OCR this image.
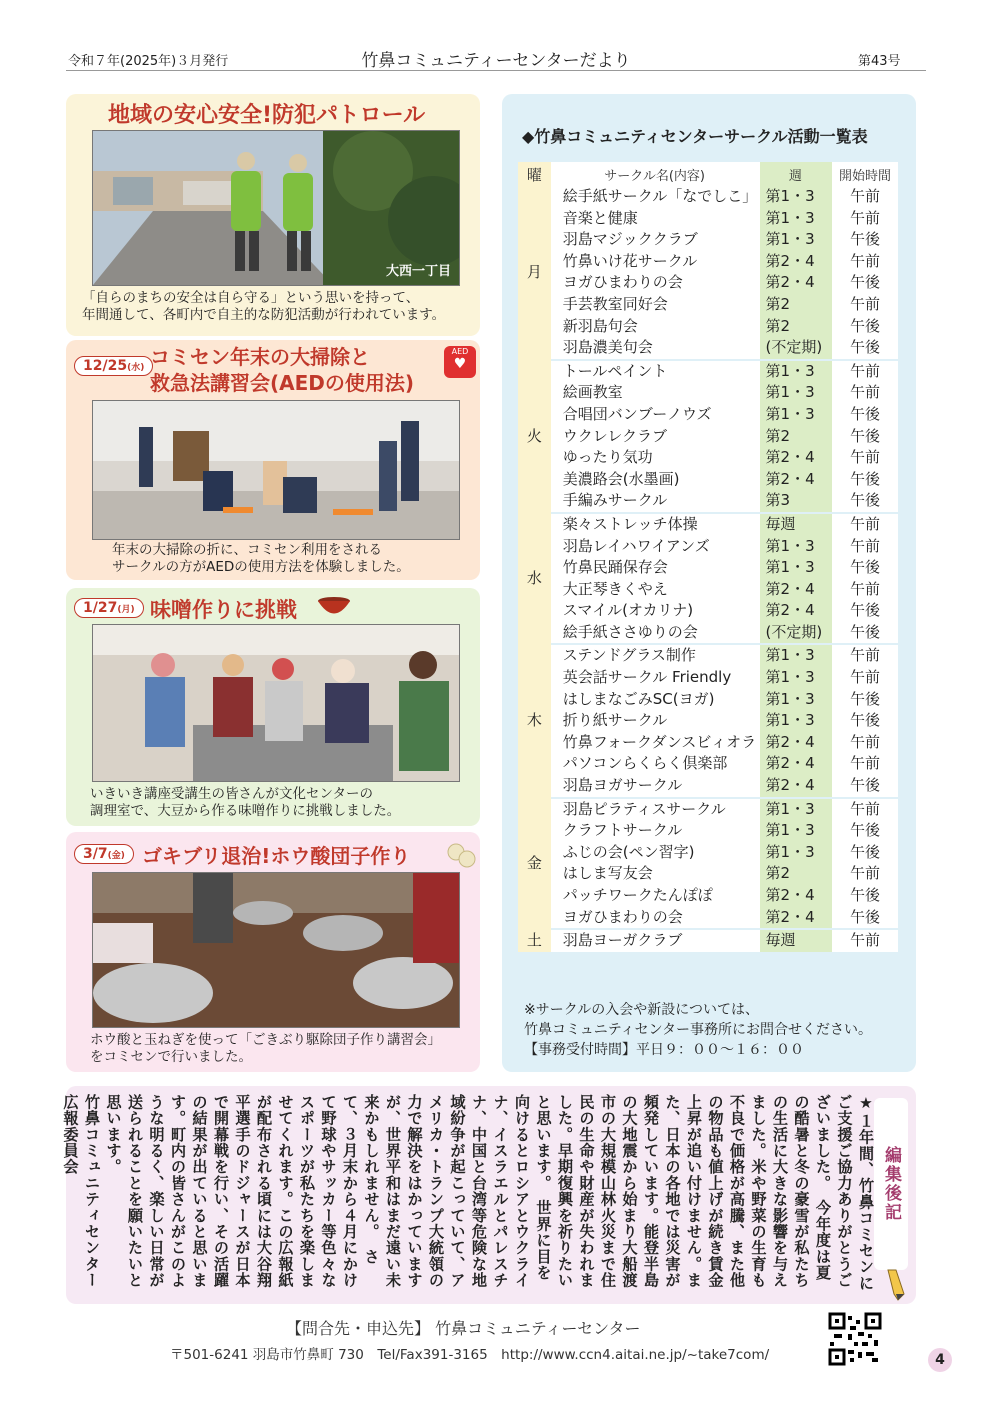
令和７年(2025年)３月発行	竹鼻コミュニティーセンターだより	第43号
地域の安心安全!防犯パトロール
大西一丁目
「自らのまちの安全は自ら守る」という思いを持って、
年間通して、各町内で自主的な防犯活動が行われています。
12/25(水) コミセン年末の大掃除と
救急法講習会(AEDの使用法)
AED
♥
年末の大掃除の折に、コミセン利用をされる
サークルの方がAEDの使用方法を体験しました。
1/27(月) 味噌作りに挑戦
いきいき講座受講生の皆さんが文化センターの
調理室で、大豆から作る味噌作りに挑戦しました。
3/7(金) ゴキブリ退治!ホウ酸団子作り
ホウ酸と玉ねぎを使って「ごきぶり駆除団子作り講習会」
をコミセンで行いました。
◆竹鼻コミュニティセンターサークル活動一覧表
曜	サークル名(内容)	週	開始時間
月	絵手紙サークル「なでしこ」	第1・3	午前
	音楽と健康	第1・3	午前
	羽島マジッククラブ	第1・3	午後
	竹鼻いけ花サークル	第2・4	午前
	ヨガひまわりの会	第2・4	午後
	手芸教室同好会	第2	午前
	新羽島句会	第2	午後
	羽島濃美句会	(不定期)	午後
火	トールペイント	第1・3	午前
	絵画教室	第1・3	午前
	合唱団バンブーノウズ	第1・3	午後
	ウクレレクラブ	第2	午後
	ゆったり気功	第2・4	午前
	美濃路会(水墨画)	第2・4	午後
	手編みサークル	第3	午後
水	楽々ストレッチ体操	毎週	午前
	羽島レイハワイアンズ	第1・3	午前
	竹鼻民踊保存会	第1・3	午後
	大正琴きくやえ	第2・4	午前
	スマイル(オカリナ)	第2・4	午後
	絵手紙ささゆりの会	(不定期)	午後
木	ステンドグラス制作	第1・3	午前
	英会話サークル Friendly	第1・3	午前
	はしまなごみSC(ヨガ)	第1・3	午後
	折り紙サークル	第1・3	午後
	竹鼻フォークダンスビィオラ	第2・4	午前
	パソコンらくらく倶楽部	第2・4	午前
	羽島ヨガサークル	第2・4	午後
金	羽島ピラティスサークル	第1・3	午前
	クラフトサークル	第1・3	午後
	ふじの会(ペン習字)	第1・3	午後
	はしま写友会	第2	午前
	パッチワークたんぽぽ	第2・4	午後
	ヨガひまわりの会	第2・4	午後
土	羽島ヨーガクラブ	毎週	午前
※サークルの入会や新設については、
竹鼻コミュニティセンター事務所にお問合せください。
【事務受付時間】平日９：００～１６：００
編集後記
★１年間、竹鼻コミセンにご支援ご協力ありがとうございました。　今年度は夏の酷暑と冬の豪雪が私たちの生活に大きな影響を与えました。米や野菜の生育も不良で価格が高騰、また他の物品も値上げが続き賃金上昇が追い付けません。また、日本の各地では災害が頻発しています。能登半島の大地震から始まり大船渡市の大規模山林火災まで住民の生命や財産が失われました。早期復興を祈りたいと思います。　世界に目を向けるとロシアとウクライナ、イスラエルとパレスチナ、中国と台湾等危険な地域紛争が起こっていて、アメリカ・トランプ大統領の力で解決をはかっていますが、世界平和はまだ遠い未来かもしれません。　さて、３月末から４月にかけて野球やサッカー等色々なスポーツが私たちを楽しませてくれます。この広報紙が配布される頃には大谷翔平選手のドジャースが日本で開幕戦を行い、その活躍の結果が出ていると思います。町内の皆さんがこのような明るく、楽しい日常が送られることを願いたいと思います。
竹鼻コミュニティセンター広報委員会
【問合先・申込先】 竹鼻コミュニティーセンター
〒501-6241 羽島市竹鼻町 730　Tel/Fax391-3165　http://www.ccn4.aitai.ne.jp/~take7com/	4
